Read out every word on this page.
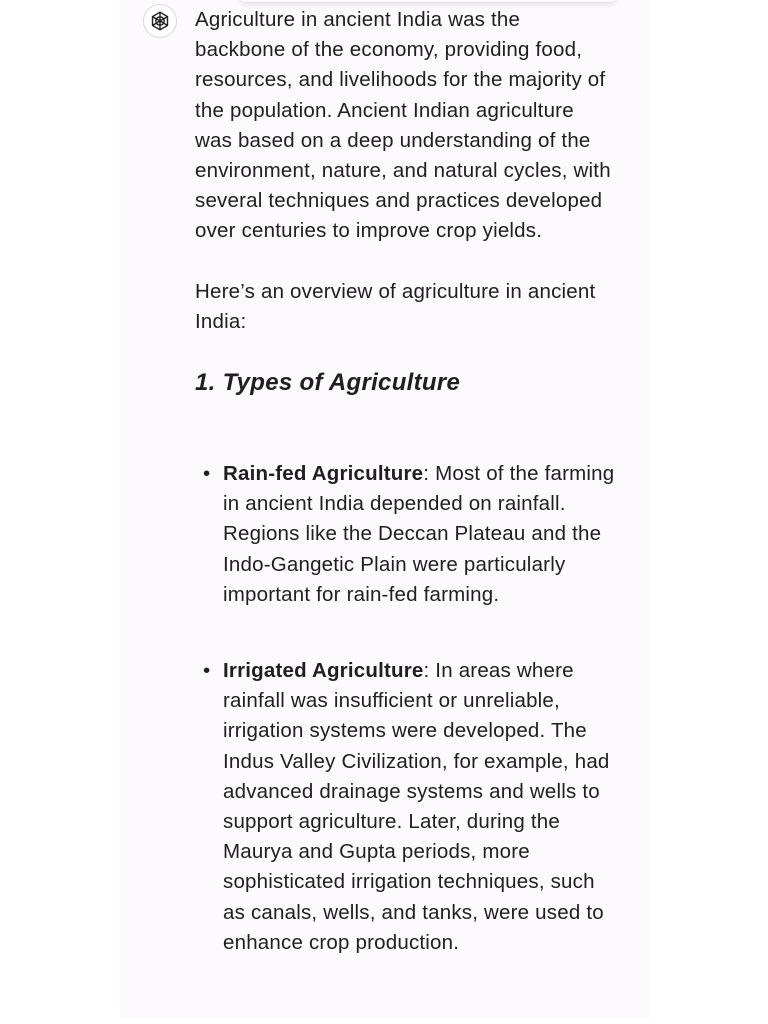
Agriculture in ancient India was the backbone of the economy, providing food, resources, and livelihoods for the majority of the population. Ancient Indian agriculture was based on a deep understanding of the environment, nature, and natural cycles, with several techniques and practices developed over centuries to improve crop yields.

Here’s an overview of agriculture in ancient India:

1. Types of Agriculture
• Rain-fed Agriculture: Most of the farming in ancient India depended on rainfall. Regions like the Deccan Plateau and the Indo-Gangetic Plain were particularly important for rain-fed farming.
• Irrigated Agriculture: In areas where rainfall was insufficient or unreliable, irrigation systems were developed. The Indus Valley Civilization, for example, had advanced drainage systems and wells to support agriculture. Later, during the Maurya and Gupta periods, more sophisticated irrigation techniques, such as canals, wells, and tanks, were used to enhance crop production.
